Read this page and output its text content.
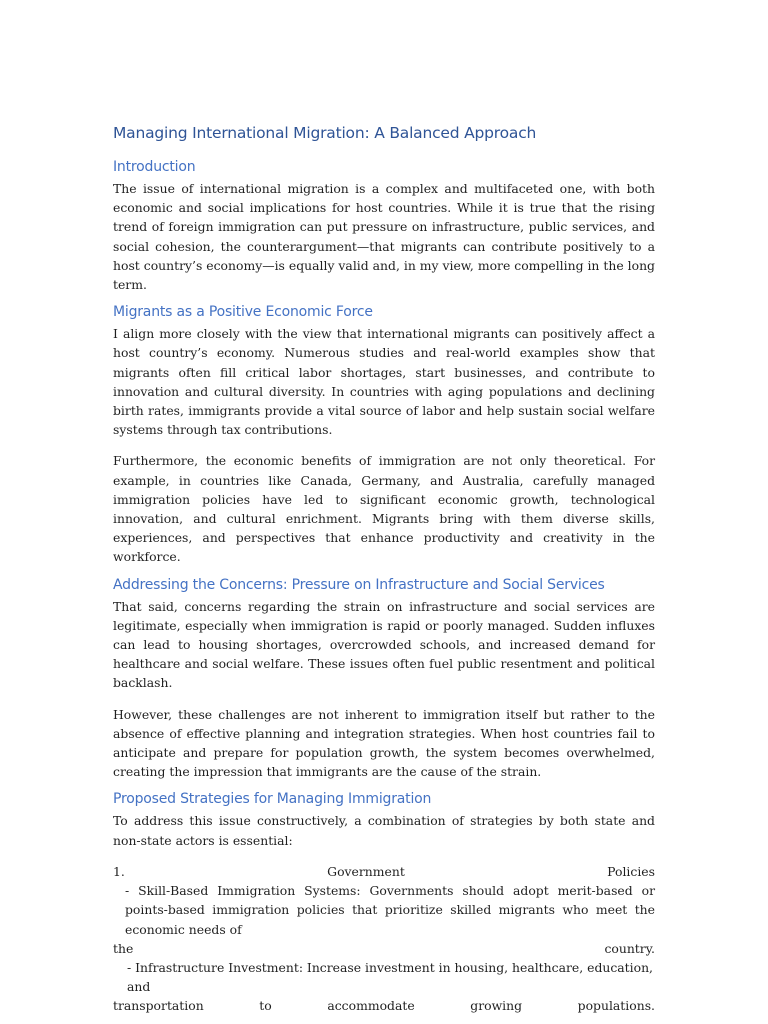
Managing International Migration: A Balanced Approach
Introduction
The issue of international migration is a complex and multifaceted one, with both economic and social implications for host countries. While it is true that the rising trend of foreign immigration can put pressure on infrastructure, public services, and social cohesion, the counterargument—that migrants can contribute positively to a host country’s economy—is equally valid and, in my view, more compelling in the long term.
Migrants as a Positive Economic Force
I align more closely with the view that international migrants can positively affect a host country’s economy. Numerous studies and real-world examples show that migrants often fill critical labor shortages, start businesses, and contribute to innovation and cultural diversity. In countries with aging populations and declining birth rates, immigrants provide a vital source of labor and help sustain social welfare systems through tax contributions.
Furthermore, the economic benefits of immigration are not only theoretical. For example, in countries like Canada, Germany, and Australia, carefully managed immigration policies have led to significant economic growth, technological innovation, and cultural enrichment. Migrants bring with them diverse skills, experiences, and perspectives that enhance productivity and creativity in the workforce.
Addressing the Concerns: Pressure on Infrastructure and Social Services
That said, concerns regarding the strain on infrastructure and social services are legitimate, especially when immigration is rapid or poorly managed. Sudden influxes can lead to housing shortages, overcrowded schools, and increased demand for healthcare and social welfare. These issues often fuel public resentment and political backlash.
However, these challenges are not inherent to immigration itself but rather to the absence of effective planning and integration strategies. When host countries fail to anticipate and prepare for population growth, the system becomes overwhelmed, creating the impression that immigrants are the cause of the strain.
Proposed Strategies for Managing Immigration
To address this issue constructively, a combination of strategies by both state and non-state actors is essential:
1.	Government	Policies
- Skill-Based Immigration Systems: Governments should adopt merit-based or points-based immigration policies that prioritize skilled migrants who meet the economic needs of
the	country.
- Infrastructure Investment: Increase investment in housing, healthcare, education, and
transportation	to	accommodate	growing	populations.
